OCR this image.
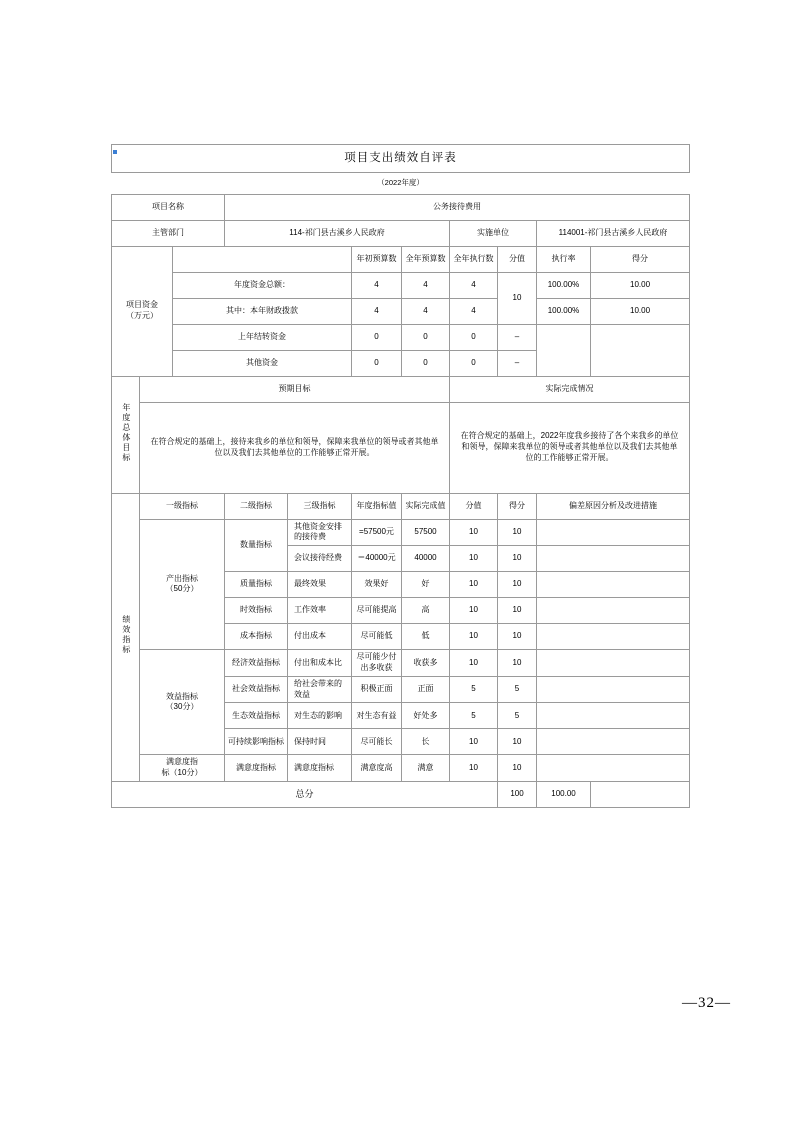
项目支出绩效自评表										
（2022年度）										
项目名称			公务接待费用							
主管部门			114-祁门县古溪乡人民政府				实施单位		114001-祁门县古溪乡人民政府	

项目资金
（万元）					年初预算数	全年预算数	全年执行数	分值	执行率	得分
		年度资金总额：			4	4	4	10	100.00%	10.00
		其中：本年财政拨款			4	4	4		100.00%	10.00
		上年结转资金			0	0	0	–		
		其他资金			0	0	0	–		
年度总体目标	预期目标						实际完成情况			
	在符合规定的基础上，接待来我乡的单位和领导，保障来我单位的领导或者其他单位以及我们去其他单位的工作能够正常开展。						在符合规定的基础上，2022年度我乡接待了各个来我乡的单位和领导，保障来我单位的领导或者其他单位以及我们去其他单位的工作能够正常开展。			
绩效指标	一级指标		二级指标	三级指标	年度指标值	实际完成值	分值	得分	偏差原因分析及改进措施	

	产出指标
（50分）		数量指标	其他资金安排的接待费	=57500元	57500	10	10		
				会议接待经费	＝40000元	40000	10	10		
			质量指标	最终效果	效果好	好	10	10		
			时效指标	工作效率	尽可能提高	高	10	10		
			成本指标	付出成本	尽可能低	低	10	10		

	效益指标
（30分）		经济效益指标	付出和成本比	尽可能少付出多收获	收获多	10	10		
			社会效益指标	给社会带来的效益	积极正面	正面	5	5		
			生态效益指标	对生态的影响	对生态有益	好处多	5	5		
			可持续影响指标	保持时间	尽可能长	长	10	10		

	满意度指
标（10分）		满意度指标	满意度指标	满意度高	满意	10	10		
总分								100	100.00	
—32—
